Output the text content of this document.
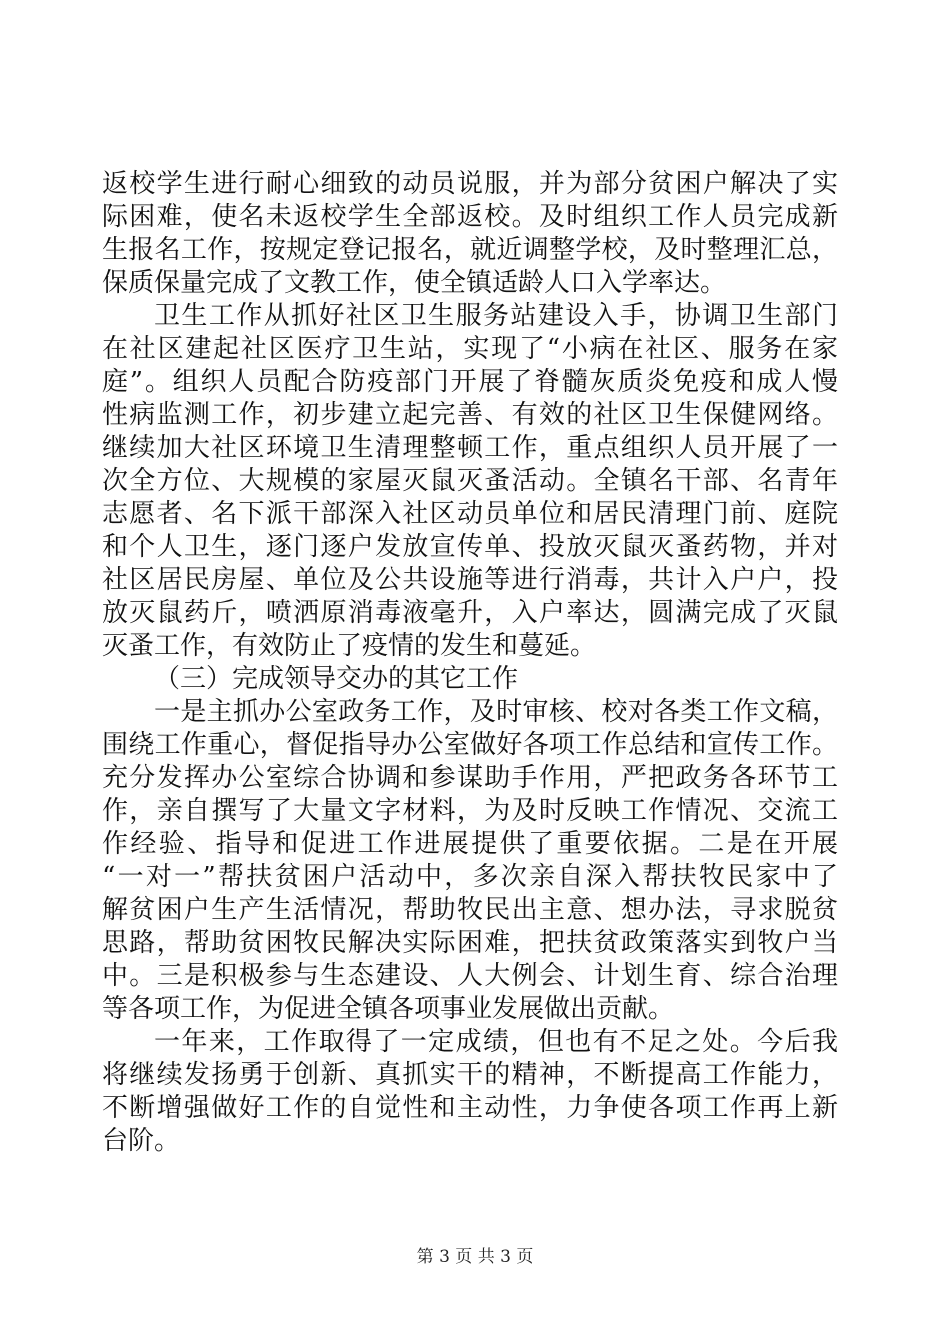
返校学生进行耐心细致的动员说服，并为部分贫困户解决了实
际困难，使名未返校学生全部返校。及时组织工作人员完成新
生报名工作，按规定登记报名，就近调整学校，及时整理汇总，
保质保量完成了文教工作，使全镇适龄人口入学率达。
卫生工作从抓好社区卫生服务站建设入手，协调卫生部门
在社区建起社区医疗卫生站，实现了“小病在社区、服务在家
庭”。组织人员配合防疫部门开展了脊髓灰质炎免疫和成人慢
性病监测工作，初步建立起完善、有效的社区卫生保健网络。
继续加大社区环境卫生清理整顿工作，重点组织人员开展了一
次全方位、大规模的家屋灭鼠灭蚤活动。全镇名干部、名青年
志愿者、名下派干部深入社区动员单位和居民清理门前、庭院
和个人卫生，逐门逐户发放宣传单、投放灭鼠灭蚤药物，并对
社区居民房屋、单位及公共设施等进行消毒，共计入户户，投
放灭鼠药斤，喷洒原消毒液毫升，入户率达，圆满完成了灭鼠
灭蚤工作，有效防止了疫情的发生和蔓延。
（三）完成领导交办的其它工作
一是主抓办公室政务工作，及时审核、校对各类工作文稿，
围绕工作重心，督促指导办公室做好各项工作总结和宣传工作。
充分发挥办公室综合协调和参谋助手作用，严把政务各环节工
作，亲自撰写了大量文字材料，为及时反映工作情况、交流工
作经验、指导和促进工作进展提供了重要依据。二是在开展
“一对一”帮扶贫困户活动中，多次亲自深入帮扶牧民家中了
解贫困户生产生活情况，帮助牧民出主意、想办法，寻求脱贫
思路，帮助贫困牧民解决实际困难，把扶贫政策落实到牧户当
中。三是积极参与生态建设、人大例会、计划生育、综合治理
等各项工作，为促进全镇各项事业发展做出贡献。
一年来，工作取得了一定成绩，但也有不足之处。今后我
将继续发扬勇于创新、真抓实干的精神，不断提高工作能力，
不断增强做好工作的自觉性和主动性，力争使各项工作再上新
台阶。
第 3 页 共 3 页
